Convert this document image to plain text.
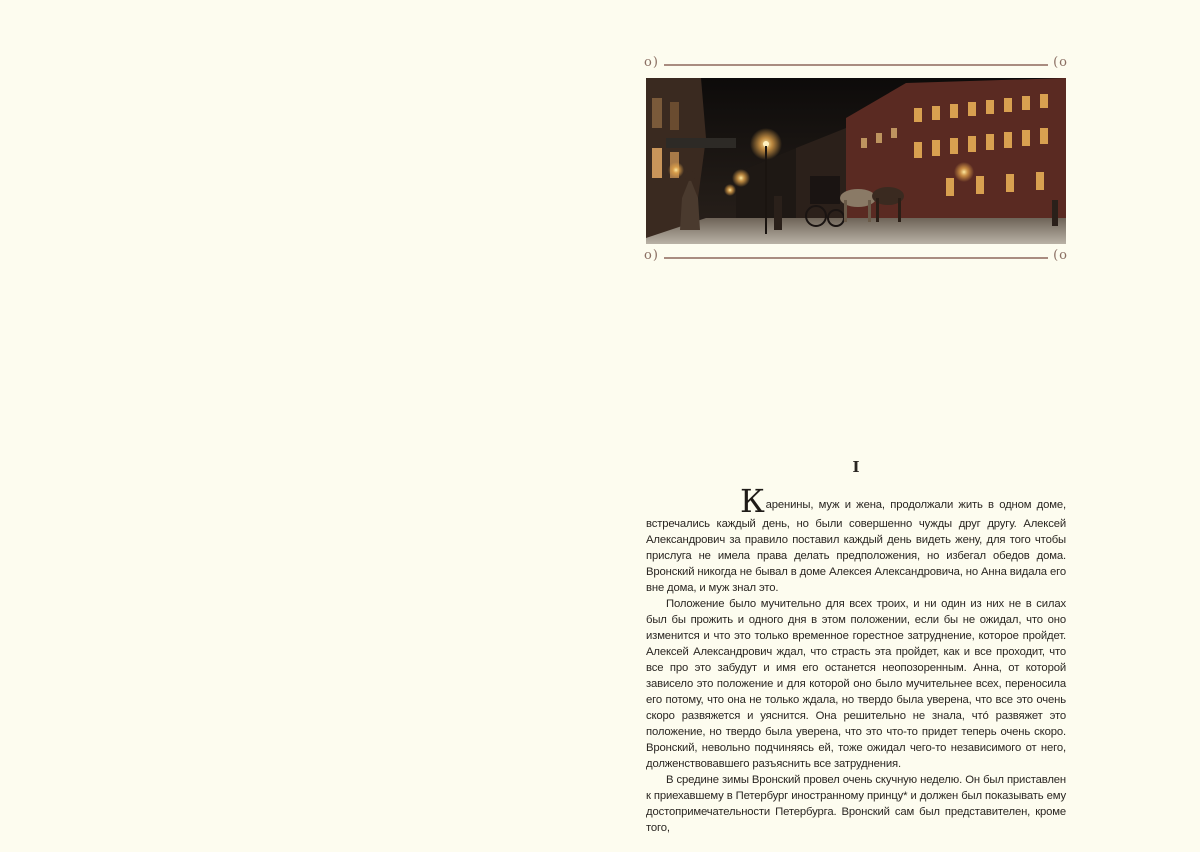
o)	(o
o)	(o
I

Каренины, муж и жена, продолжали жить в одном доме, встречались каждый день, но были совершенно чужды друг другу. Алексей Александрович за правило поставил каждый день видеть жену, для того чтобы прислуга не имела права делать предположения, но избегал обедов дома. Вронский никогда не бывал в доме Алексея Александровича, но Анна видала его вне дома, и муж знал это.

Положение было мучительно для всех троих, и ни один из них не в силах был бы прожить и одного дня в этом положении, если бы не ожидал, что оно изменится и что это только временное горестное затруднение, которое пройдет. Алексей Александрович ждал, что страсть эта пройдет, как и все проходит, что все про это забудут и имя его останется неопозоренным. Анна, от которой зависело это положение и для которой оно было мучительнее всех, переносила его потому, что она не только ждала, но твердо была уверена, что все это очень скоро развяжется и уяснится. Она решительно не знала, чтó развяжет это положение, но твердо была уверена, что это что-то придет теперь очень скоро. Вронский, невольно подчиняясь ей, тоже ожидал чего-то независимого от него, долженствовавшего разъяснить все затруднения.

В средине зимы Вронский провел очень скучную неделю. Он был приставлен к приехавшему в Петербург иностранному принцу* и должен был показывать ему достопримечательности Петербурга. Вронский сам был представителен, кроме того,
